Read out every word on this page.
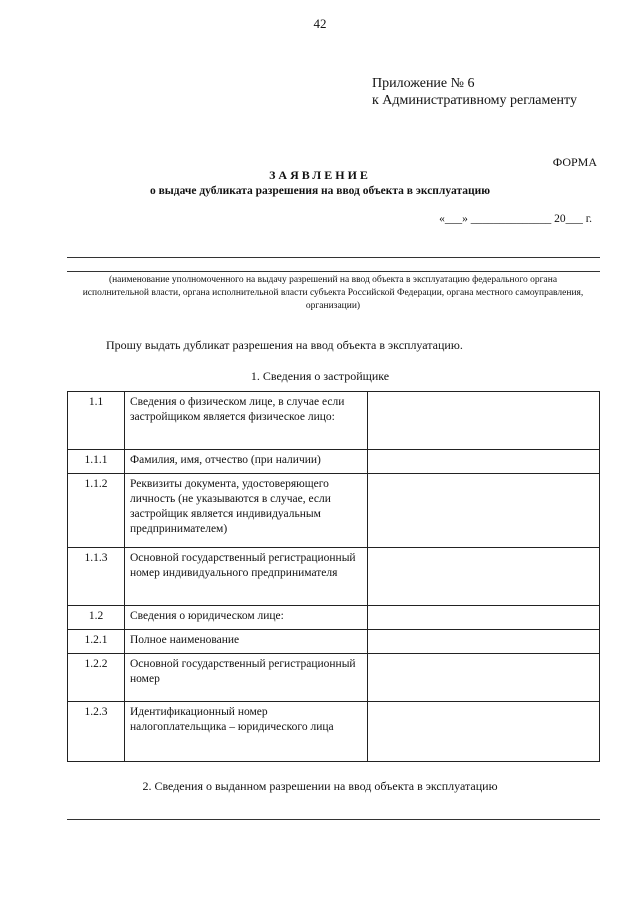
42
Приложение № 6
к Административному регламенту
ФОРМА
ЗАЯВЛЕНИЕ
о выдаче дубликата разрешения на ввод объекта в эксплуатацию
«___» ______________ 20___ г.
(наименование уполномоченного на выдачу разрешений на ввод объекта в эксплуатацию федерального органа исполнительной власти, органа исполнительной власти субъекта Российской Федерации, органа местного самоуправления, организации)
Прошу выдать дубликат разрешения на ввод объекта в эксплуатацию.
1. Сведения о застройщике
1.1	Сведения о физическом лице, в случае если застройщиком является физическое лицо:	
1.1.1	Фамилия, имя, отчество (при наличии)	
1.1.2	Реквизиты документа, удостоверяющего личность (не указываются в случае, если застройщик является индивидуальным предпринимателем)	
1.1.3	Основной государственный регистрационный номер индивидуального предпринимателя	
1.2	Сведения о юридическом лице:	
1.2.1	Полное наименование	
1.2.2	Основной государственный регистрационный номер	
1.2.3	Идентификационный номер налогоплательщика – юридического лица	
2. Сведения о выданном разрешении на ввод объекта в эксплуатацию
